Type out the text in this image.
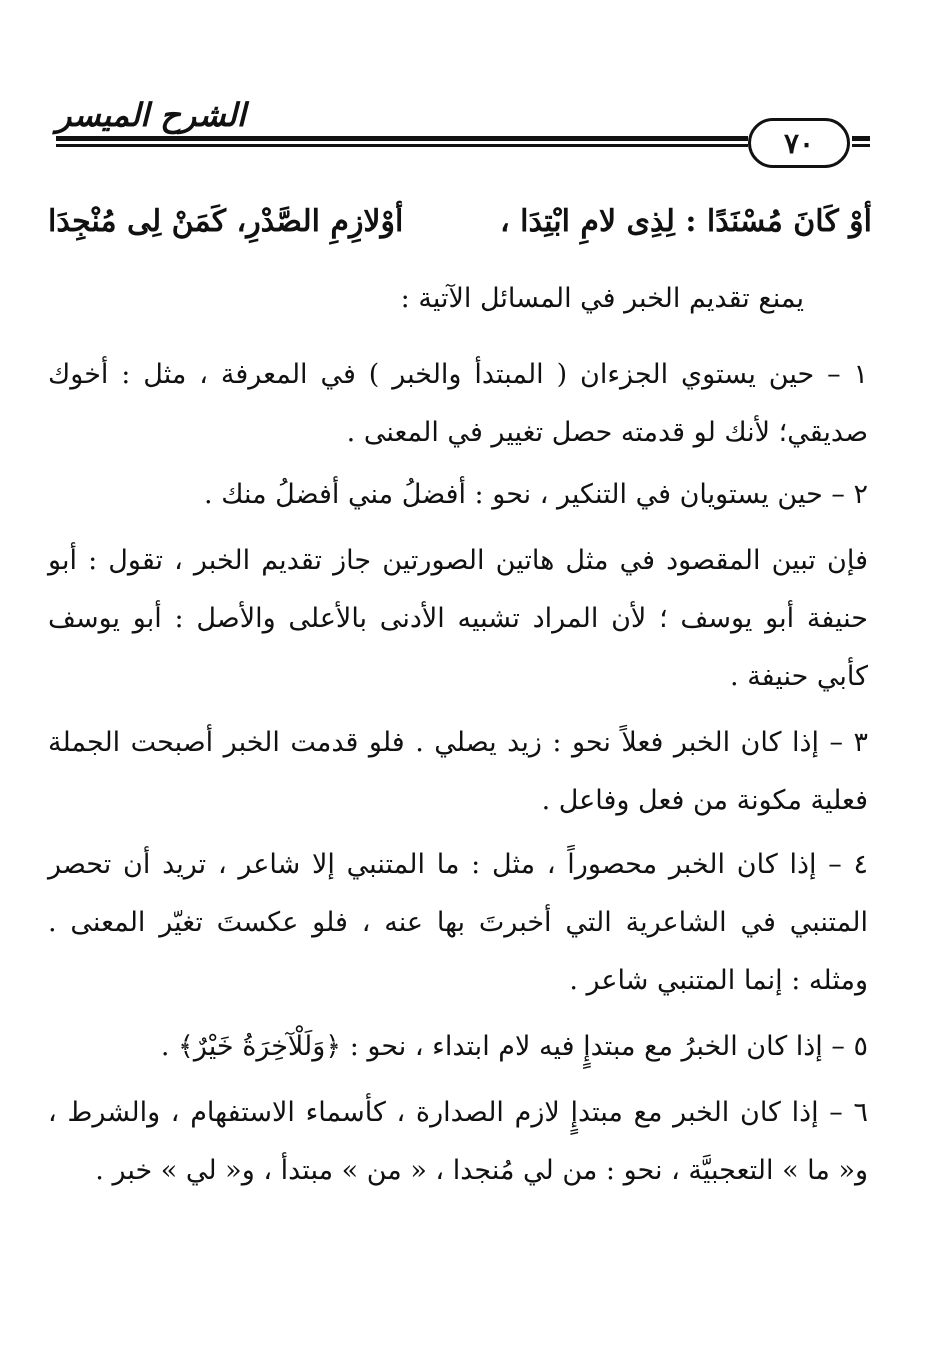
الشرح الميسر
٧٠
أوْ كَانَ مُسْنَدًا : لِذِى لامِ ابْتِدَا ،
أوْلازِمِ الصَّدْرِ، كَمَنْ لِى مُنْجِدَا

يمنع تقديم الخبر في المسائل الآتية :

١ – حين يستوي الجزءان ( المبتدأ والخبر ) في المعرفة ، مثل : أخوك صديقي؛ لأنك لو قدمته حصل تغيير في المعنى .

٢ – حين يستويان في التنكير ، نحو : أفضلُ مني أفضلُ منك .

فإن تبين المقصود في مثل هاتين الصورتين جاز تقديم الخبر ، تقول : أبو حنيفة أبو يوسف ؛ لأن المراد تشبيه الأدنى بالأعلى والأصل : أبو يوسف كأبي حنيفة .

٣ – إذا كان الخبر فعلاً نحو : زيد يصلي . فلو قدمت الخبر أصبحت الجملة فعلية مكونة من فعل وفاعل .

٤ – إذا كان الخبر محصوراً ، مثل : ما المتنبي إلا شاعر ، تريد أن تحصر المتنبي في الشاعرية التي أخبرتَ بها عنه ، فلو عكستَ تغيّر المعنى . ومثله : إنما المتنبي شاعر .

٥ – إذا كان الخبرُ مع مبتدإٍ فيه لام ابتداء ، نحو : ﴿وَلَلْآخِرَةُ خَيْرٌ﴾ .

٦ – إذا كان الخبر مع مبتدإٍ لازم الصدارة ، كأسماء الاستفهام ، والشرط ، و« ما » التعجبيَّة ، نحو : من لي مُنجدا ، « من » مبتدأ ، و« لي » خبر .
